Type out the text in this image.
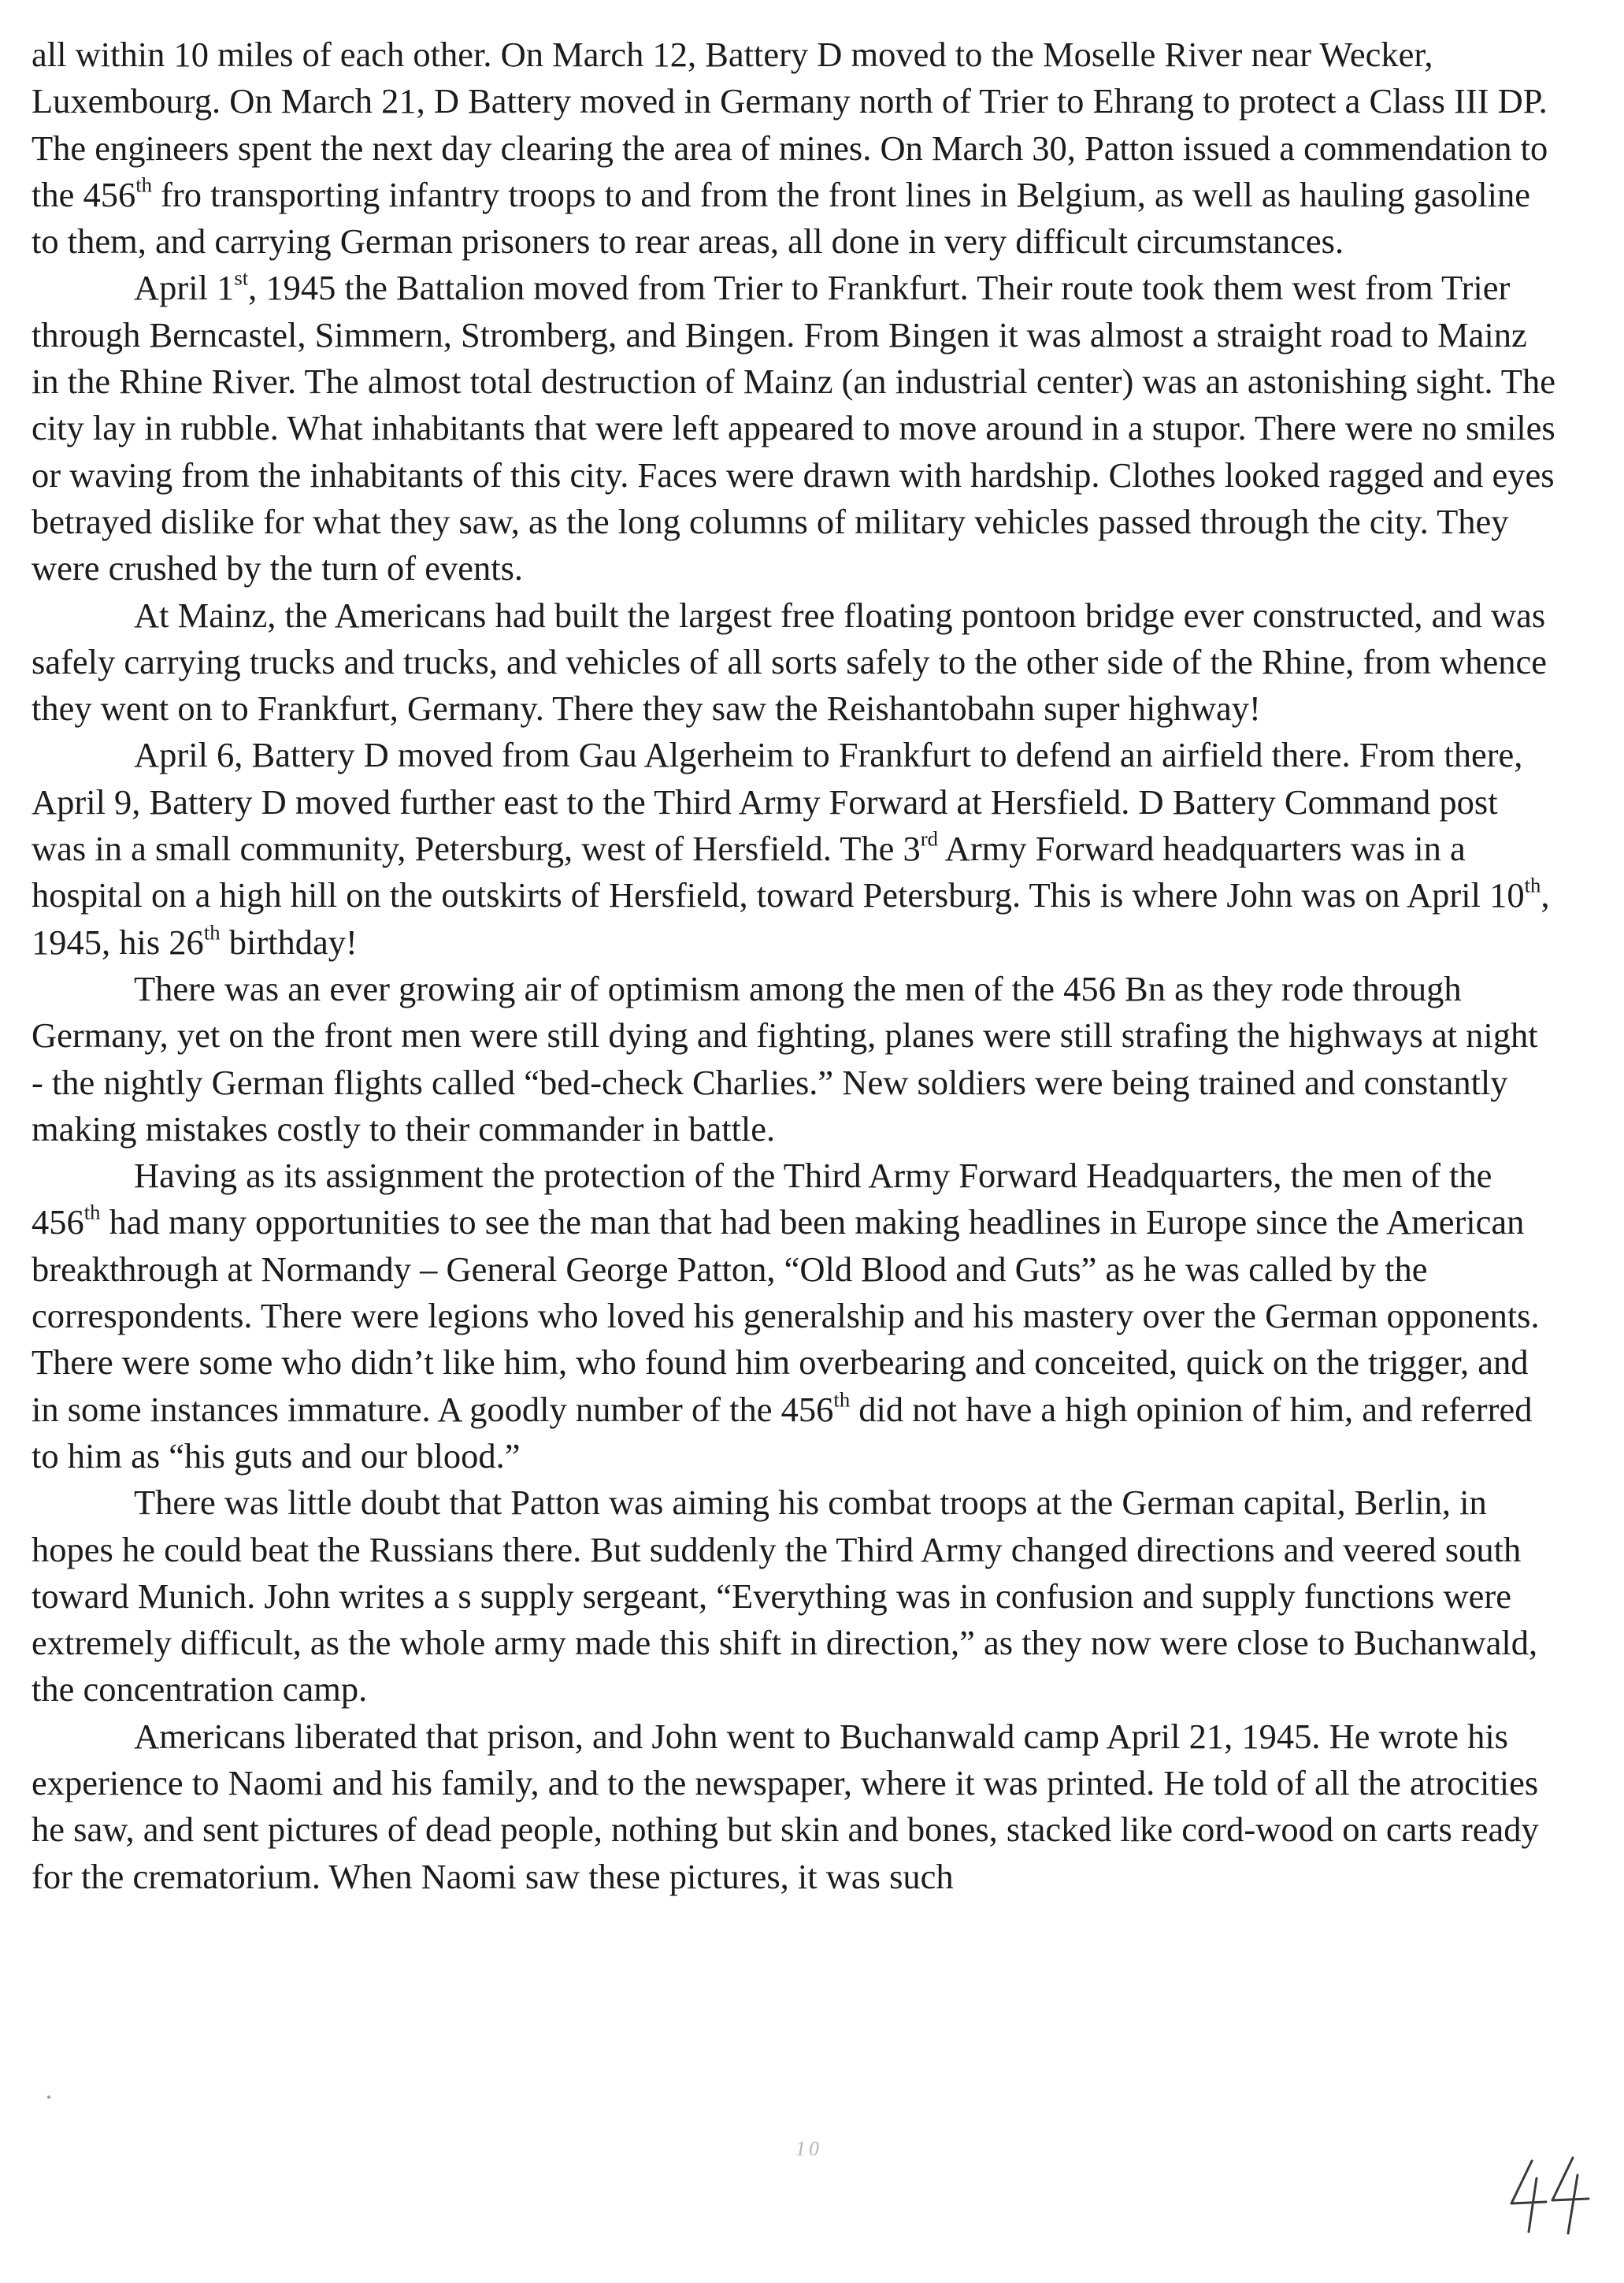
all within 10 miles of each other. On March 12, Battery D moved to the Moselle River near Wecker, Luxembourg. On March 21, D Battery moved in Germany north of Trier to Ehrang to protect a Class III DP. The engineers spent the next day clearing the area of mines. On March 30, Patton issued a commendation to the 456th fro transporting infantry troops to and from the front lines in Belgium, as well as hauling gasoline to them, and carrying German prisoners to rear areas, all done in very difficult circumstances.

April 1st, 1945 the Battalion moved from Trier to Frankfurt. Their route took them west from Trier through Berncastel, Simmern, Stromberg, and Bingen. From Bingen it was almost a straight road to Mainz in the Rhine River. The almost total destruction of Mainz (an industrial center) was an astonishing sight. The city lay in rubble. What inhabitants that were left appeared to move around in a stupor. There were no smiles or waving from the inhabitants of this city. Faces were drawn with hardship. Clothes looked ragged and eyes betrayed dislike for what they saw, as the long columns of military vehicles passed through the city. They were crushed by the turn of events.

At Mainz, the Americans had built the largest free floating pontoon bridge ever constructed, and was safely carrying trucks and trucks, and vehicles of all sorts safely to the other side of the Rhine, from whence they went on to Frankfurt, Germany. There they saw the Reishantobahn super highway!

April 6, Battery D moved from Gau Algerheim to Frankfurt to defend an airfield there. From there, April 9, Battery D moved further east to the Third Army Forward at Hersfield. D Battery Command post was in a small community, Petersburg, west of Hersfield. The 3rd Army Forward headquarters was in a hospital on a high hill on the outskirts of Hersfield, toward Petersburg. This is where John was on April 10th, 1945, his 26th birthday!

There was an ever growing air of optimism among the men of the 456 Bn as they rode through Germany, yet on the front men were still dying and fighting, planes were still strafing the highways at night - the nightly German flights called “bed-check Charlies.” New soldiers were being trained and constantly making mistakes costly to their commander in battle.

Having as its assignment the protection of the Third Army Forward Headquarters, the men of the 456th had many opportunities to see the man that had been making headlines in Europe since the American breakthrough at Normandy – General George Patton, “Old Blood and Guts” as he was called by the correspondents. There were legions who loved his generalship and his mastery over the German opponents. There were some who didn’t like him, who found him overbearing and conceited, quick on the trigger, and in some instances immature. A goodly number of the 456th did not have a high opinion of him, and referred to him as “his guts and our blood.”

There was little doubt that Patton was aiming his combat troops at the German capital, Berlin, in hopes he could beat the Russians there. But suddenly the Third Army changed directions and veered south toward Munich. John writes a s supply sergeant, “Everything was in confusion and supply functions were extremely difficult, as the whole army made this shift in direction,” as they now were close to Buchanwald, the concentration camp.

Americans liberated that prison, and John went to Buchanwald camp April 21, 1945. He wrote his experience to Naomi and his family, and to the newspaper, where it was printed. He told of all the atrocities he saw, and sent pictures of dead people, nothing but skin and bones, stacked like cord-wood on carts ready for the crematorium. When Naomi saw these pictures, it was such

10
